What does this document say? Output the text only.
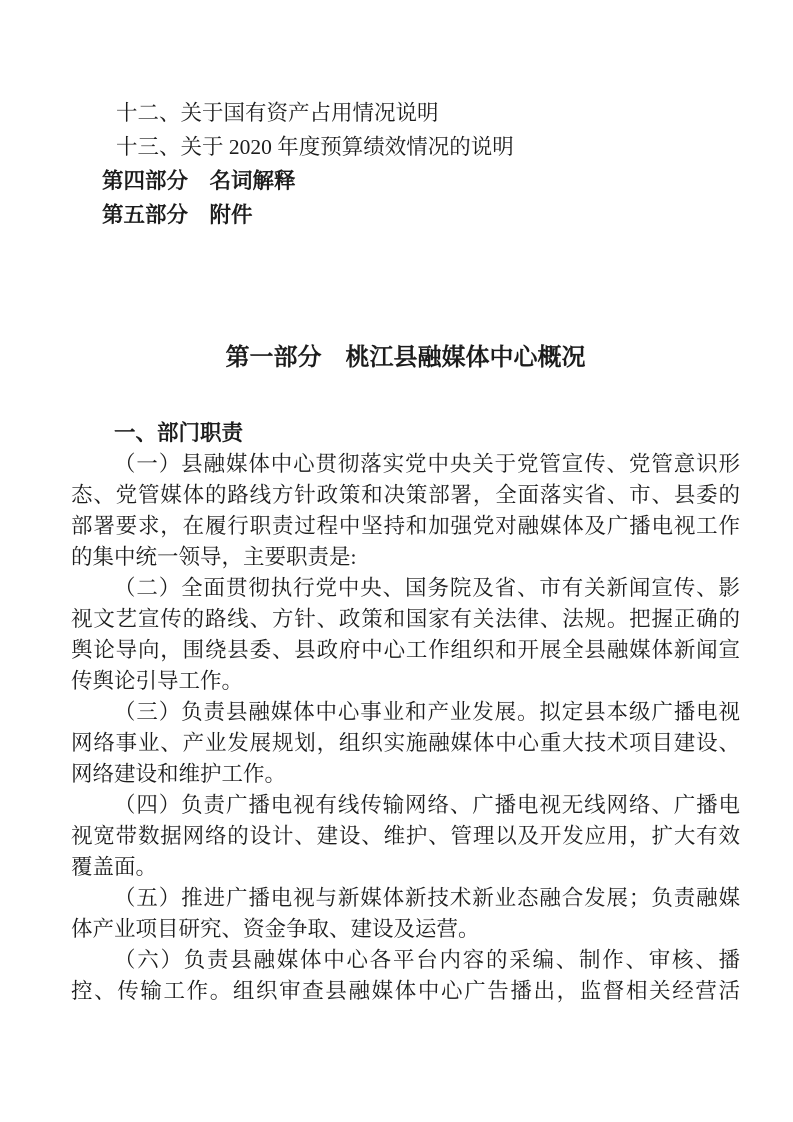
十二、关于国有资产占用情况说明
十三、关于 2020 年度预算绩效情况的说明
第四部分　名词解释
第五部分　附件
第一部分　桃江县融媒体中心概况
一、部门职责
（一）县融媒体中心贯彻落实党中央关于党管宣传、党管意识形
态、党管媒体的路线方针政策和决策部署，全面落实省、市、县委的
部署要求，在履行职责过程中坚持和加强党对融媒体及广播电视工作
的集中统一领导，主要职责是:
（二）全面贯彻执行党中央、国务院及省、市有关新闻宣传、影
视文艺宣传的路线、方针、政策和国家有关法律、法规。把握正确的
舆论导向，围绕县委、县政府中心工作组织和开展全县融媒体新闻宣
传舆论引导工作。
（三）负责县融媒体中心事业和产业发展。拟定县本级广播电视
网络事业、产业发展规划，组织实施融媒体中心重大技术项目建设、
网络建设和维护工作。
（四）负责广播电视有线传输网络、广播电视无线网络、广播电
视宽带数据网络的设计、建设、维护、管理以及开发应用，扩大有效
覆盖面。
（五）推进广播电视与新媒体新技术新业态融合发展；负责融媒
体产业项目研究、资金争取、建设及运营。
（六）负责县融媒体中心各平台内容的采编、制作、审核、播
控、传输工作。组织审查县融媒体中心广告播出，监督相关经营活
